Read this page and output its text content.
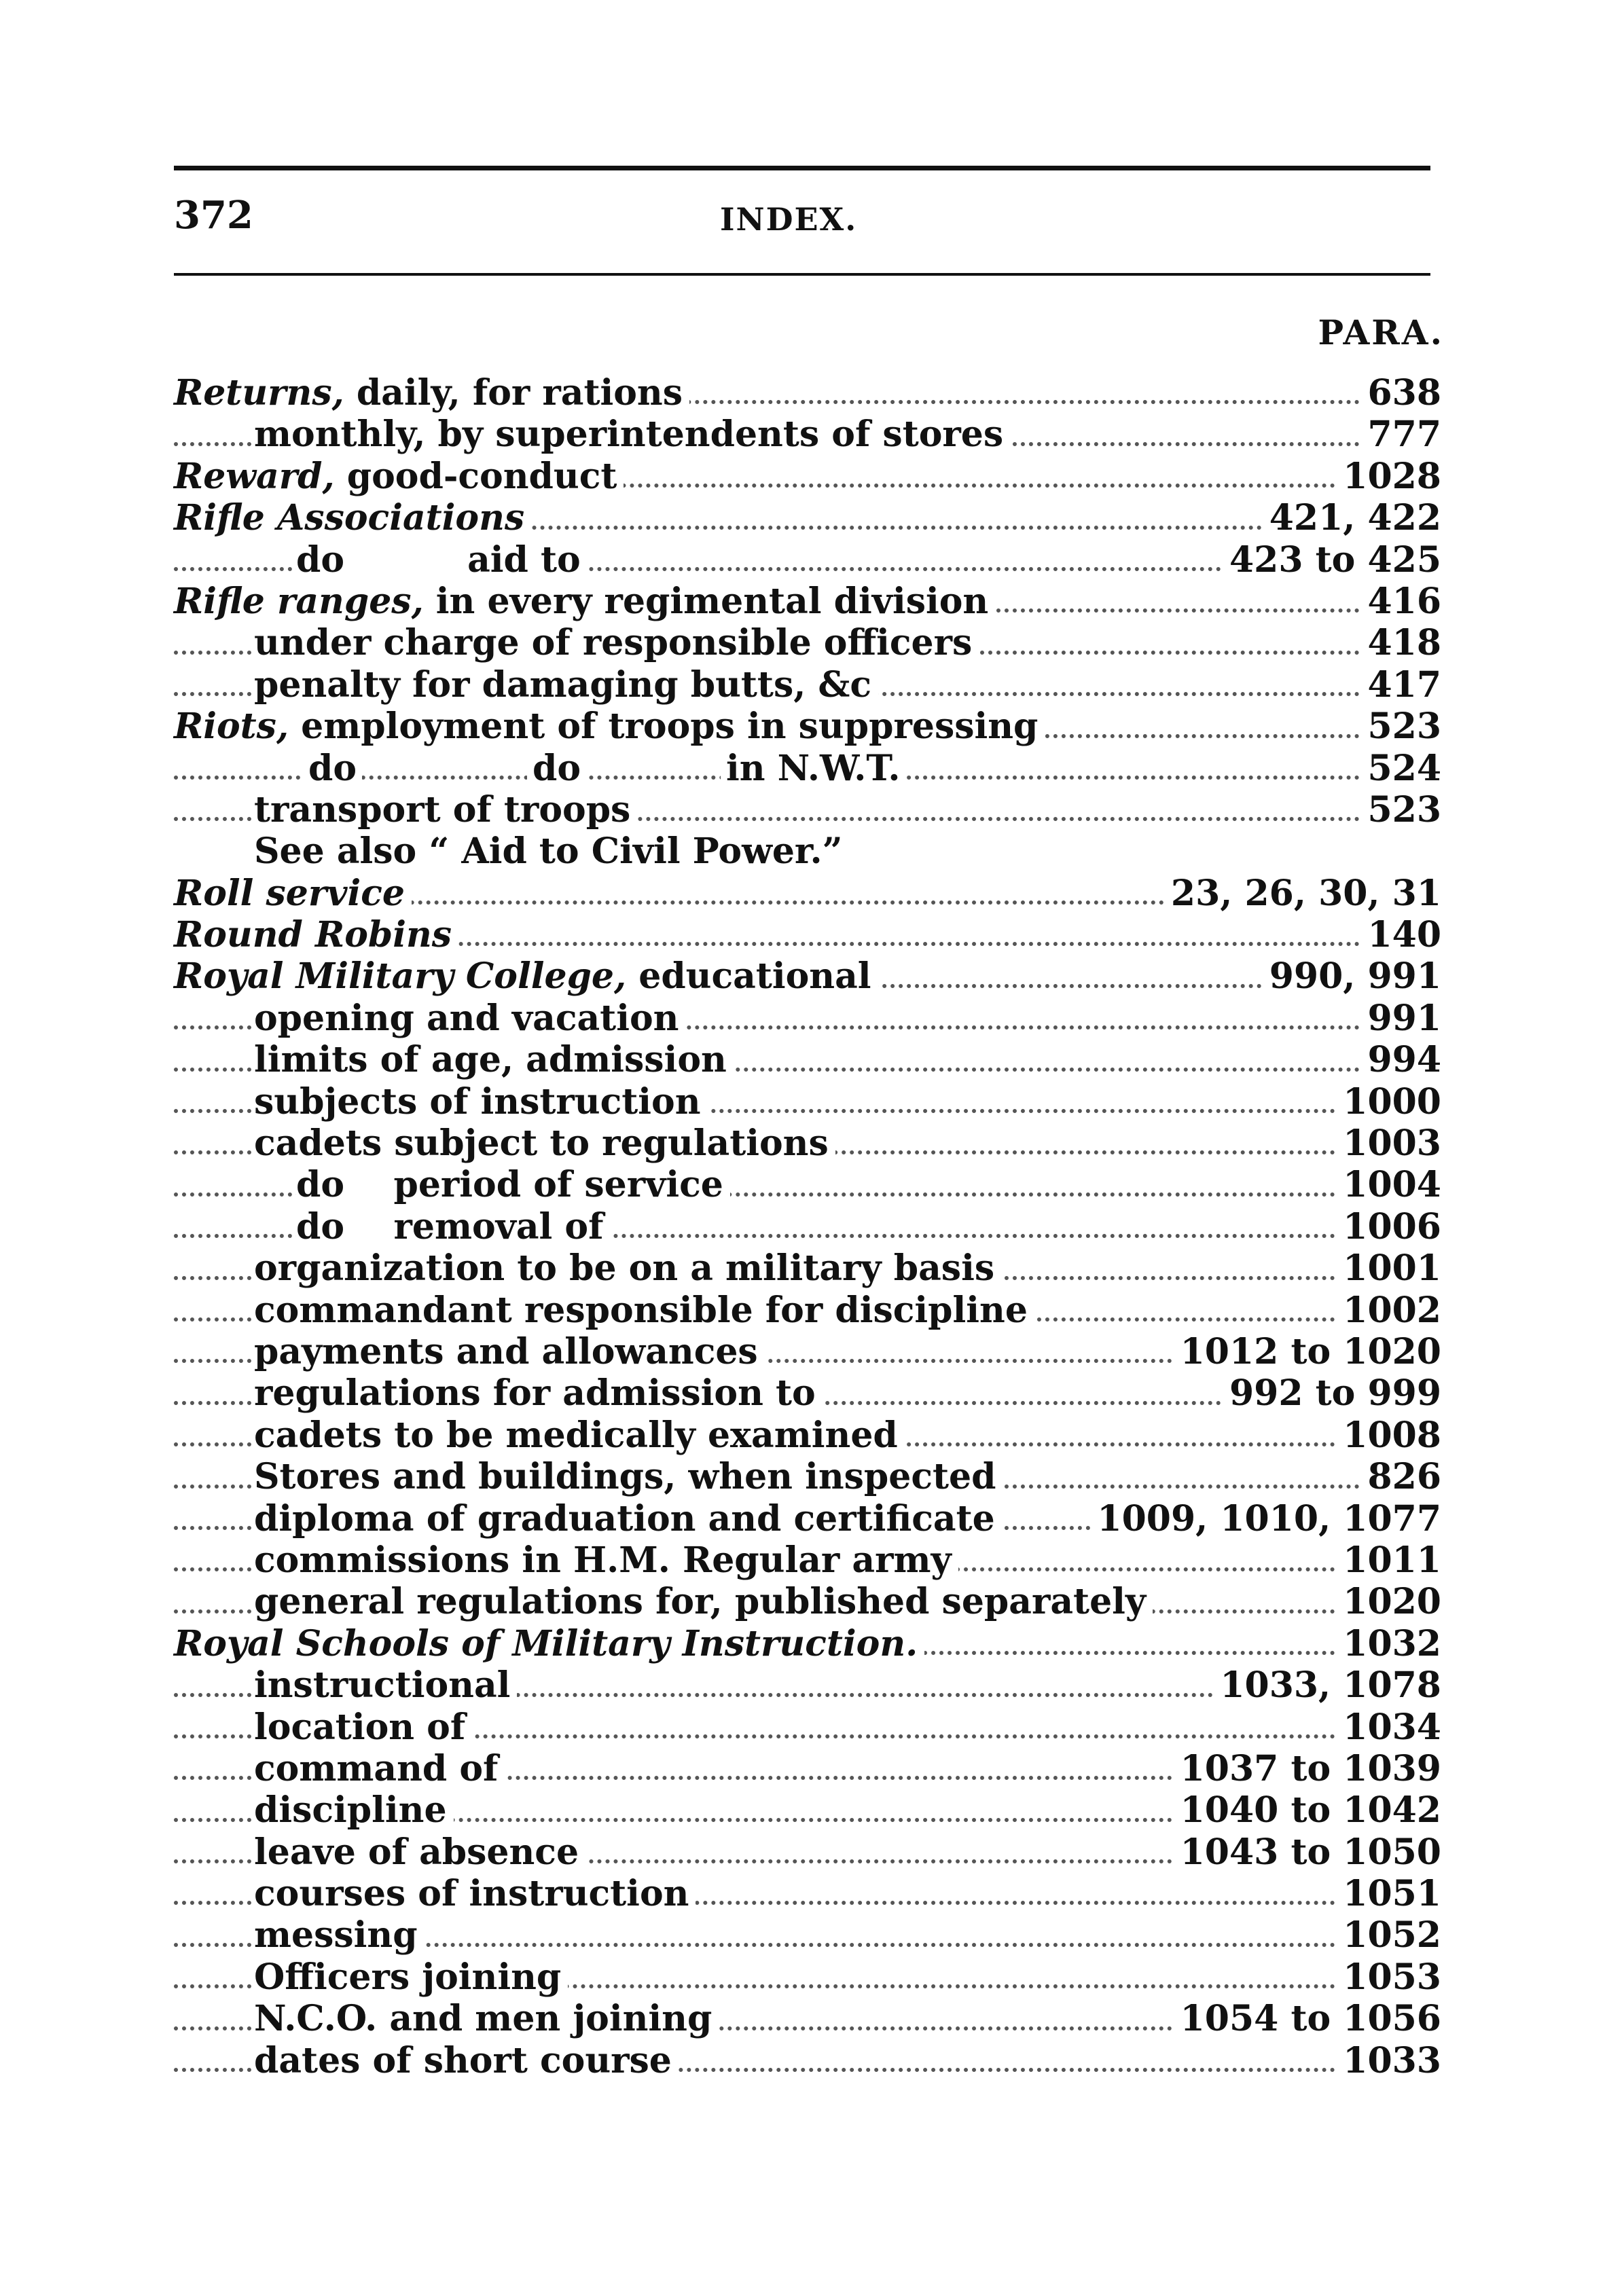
372	INDEX.
PARA.
Returns, daily, for rations	638
monthly, by superintendents of stores	777
Reward, good-conduct	1028
Rifle Associations	421, 422
do          aid to	423 to 425
Rifle ranges, in every regimental division	416
under charge of responsible officers	418
penalty for damaging butts, &c	417
Riots, employment of troops in suppressing	523
do	do	in N.W.T.	524
transport of troops	523
See also “ Aid to Civil Power.”
Roll service	23, 26, 30, 31
Round Robins	140
Royal Military College, educational	990, 991
opening and vacation	991
limits of age, admission	994
subjects of instruction	1000
cadets subject to regulations	1003
do    period of service	1004
do    removal of	1006
organization to be on a military basis	1001
commandant responsible for discipline	1002
payments and allowances	1012 to 1020
regulations for admission to	992 to 999
cadets to be medically examined	1008
Stores and buildings, when inspected	826
diploma of graduation and certificate	1009, 1010, 1077
commissions in H.M. Regular army	1011
general regulations for, published separately	1020
Royal Schools of Military Instruction.	1032
instructional	1033, 1078
location of	1034
command of	1037 to 1039
discipline	1040 to 1042
leave of absence	1043 to 1050
courses of instruction	1051
messing	1052
Officers joining	1053
N.C.O. and men joining	1054 to 1056
dates of short course	1033
